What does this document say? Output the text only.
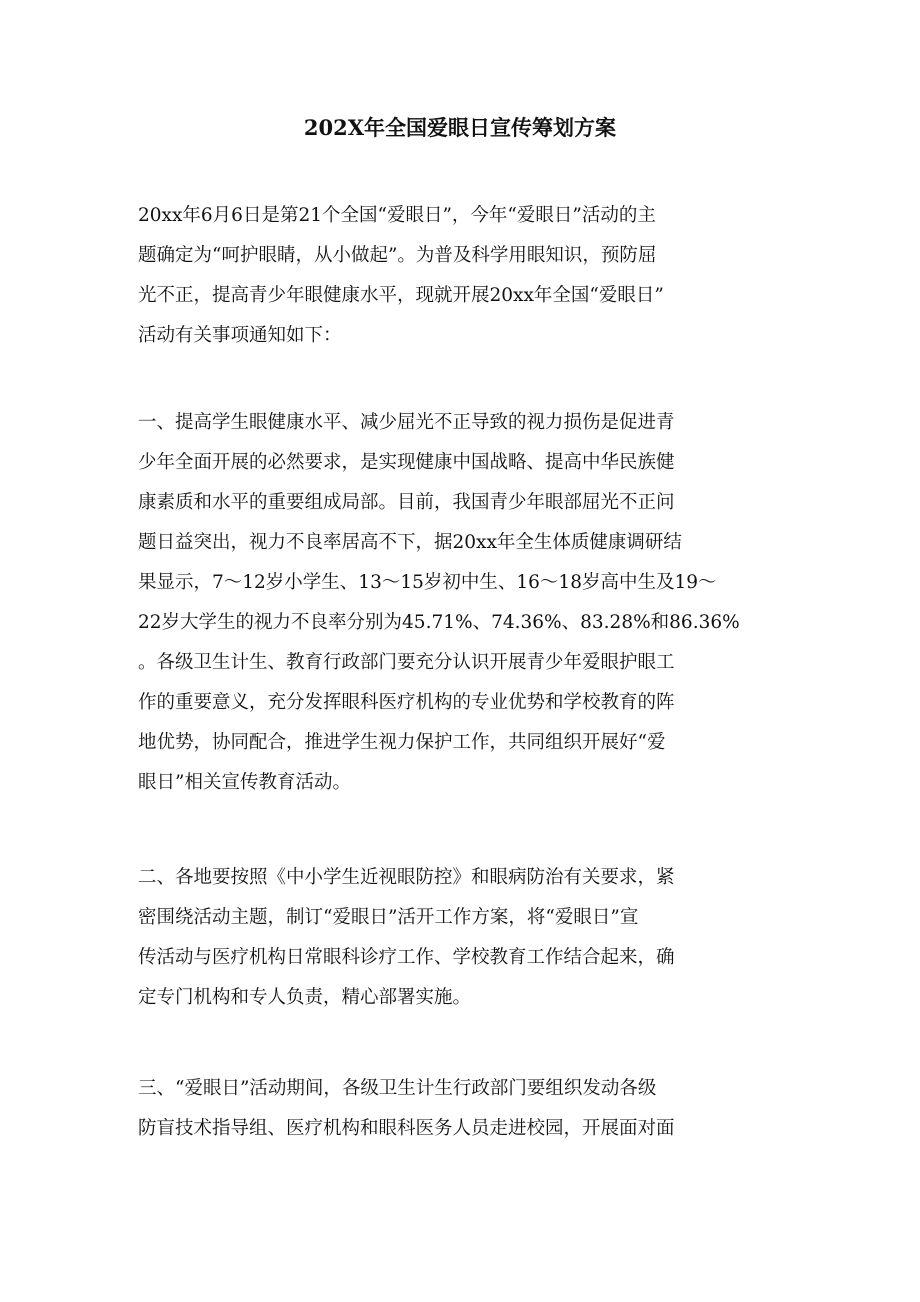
202X年全国爱眼日宣传筹划方案
20xx年6月6日是第21个全国“爱眼日”，今年“爱眼日”活动的主
题确定为“呵护眼睛，从小做起”。为普及科学用眼知识，预防屈
光不正，提高青少年眼健康水平，现就开展20xx年全国“爱眼日”
活动有关事项通知如下：
一、提高学生眼健康水平、减少屈光不正导致的视力损伤是促进青
少年全面开展的必然要求，是实现健康中国战略、提高中华民族健
康素质和水平的重要组成局部。目前，我国青少年眼部屈光不正问
题日益突出，视力不良率居高不下，据20xx年全生体质健康调研结
果显示，7～12岁小学生、13～15岁初中生、16～18岁高中生及19～
22岁大学生的视力不良率分别为45.71%、74.36%、83.28%和86.36%
。各级卫生计生、教育行政部门要充分认识开展青少年爱眼护眼工
作的重要意义，充分发挥眼科医疗机构的专业优势和学校教育的阵
地优势，协同配合，推进学生视力保护工作，共同组织开展好“爱
眼日”相关宣传教育活动。
二、各地要按照《中小学生近视眼防控》和眼病防治有关要求，紧
密围绕活动主题，制订“爱眼日”活开工作方案，将“爱眼日”宣
传活动与医疗机构日常眼科诊疗工作、学校教育工作结合起来，确
定专门机构和专人负责，精心部署实施。
三、“爱眼日”活动期间，各级卫生计生行政部门要组织发动各级
防盲技术指导组、医疗机构和眼科医务人员走进校园，开展面对面
